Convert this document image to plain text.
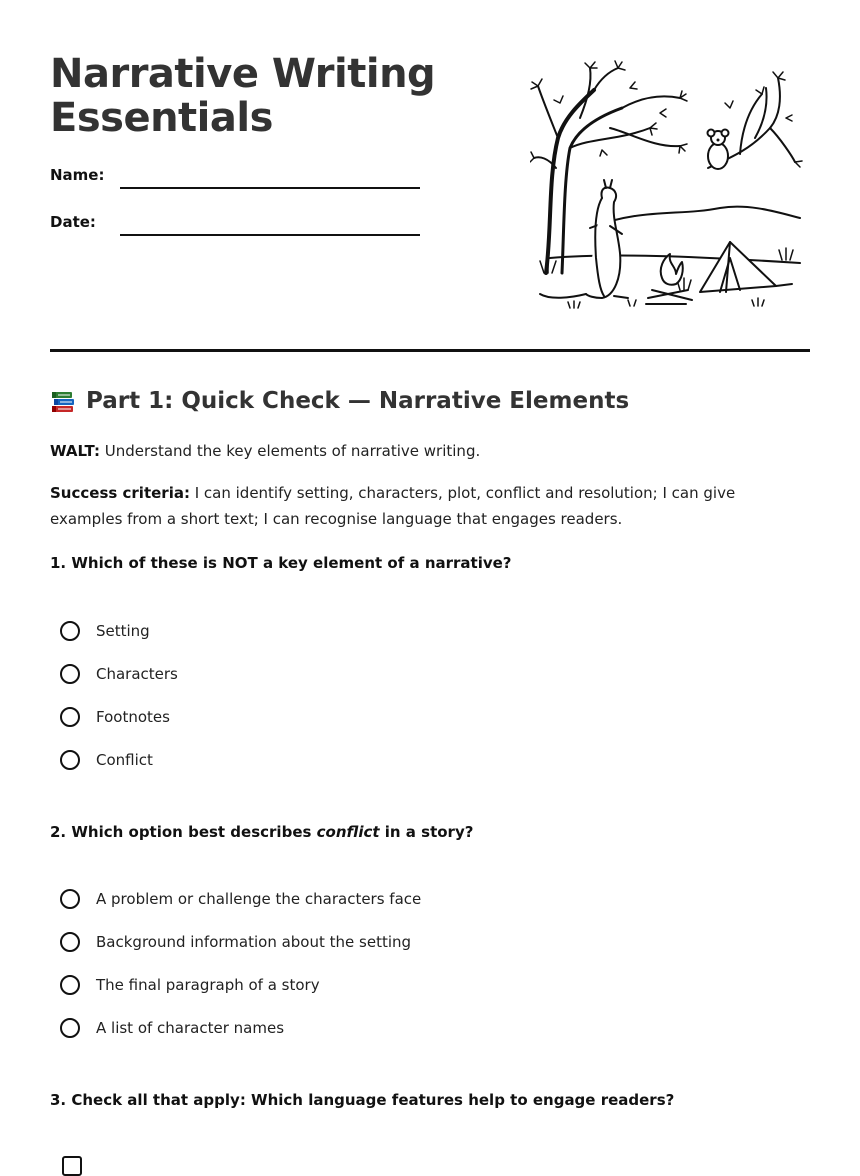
Narrative Writing
Essentials
Name:
Date:
Part 1: Quick Check — Narrative Elements

WALT: Understand the key elements of narrative writing.

Success criteria: I can identify setting, characters, plot, conflict and resolution; I can give examples from a short text; I can recognise language that engages readers.

1. Which of these is NOT a key element of a narrative?
Setting
Characters
Footnotes
Conflict
2. Which option best describes conflict in a story?
A problem or challenge the characters face
Background information about the setting
The final paragraph of a story
A list of character names
3. Check all that apply: Which language features help to engage readers?
